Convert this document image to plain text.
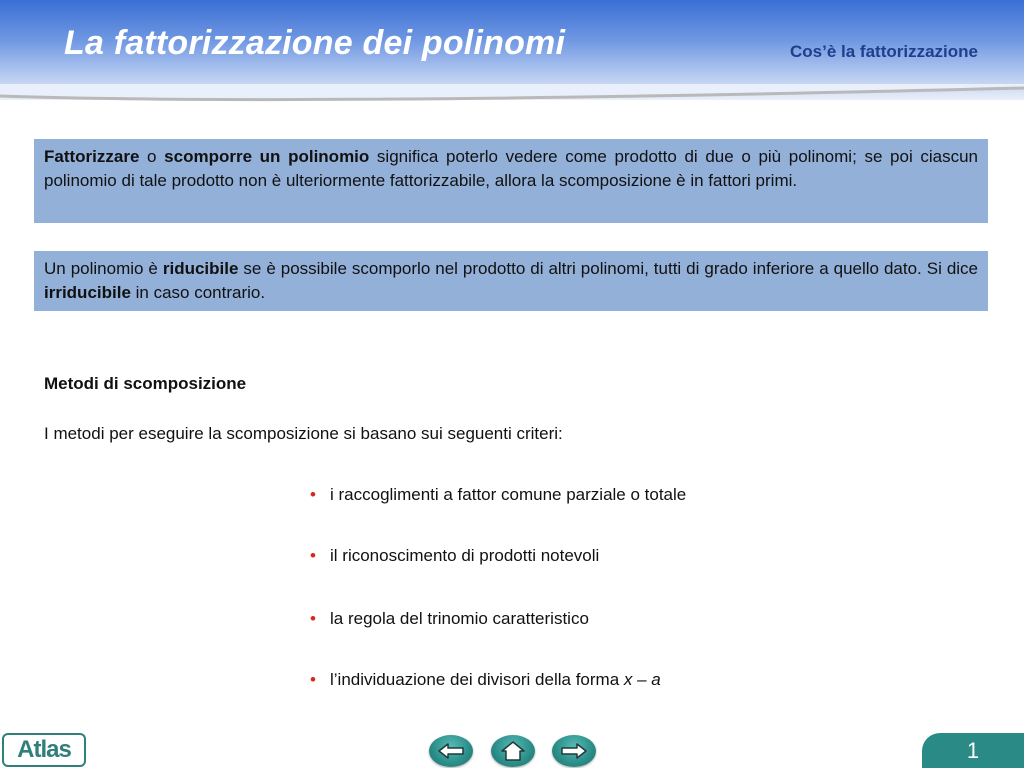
La fattorizzazione dei polinomi	Cos’è la fattorizzazione
Fattorizzare o scomporre un polinomio significa poterlo vedere come prodotto di due o più polinomi; se poi ciascun polinomio di tale prodotto non è ulteriormente fattorizzabile, allora la scomposizione è in fattori primi.
Un polinomio è riducibile se è possibile scomporlo nel prodotto di altri polinomi, tutti di grado inferiore a quello dato. Si dice irriducibile in caso contrario.
Metodi di scomposizione
I metodi per eseguire la scomposizione si basano sui seguenti criteri:
• i raccoglimenti a fattor comune parziale o totale
• il riconoscimento di prodotti notevoli
• la regola del trinomio caratteristico
• l’individuazione dei divisori della forma x – a
Atlas	1
